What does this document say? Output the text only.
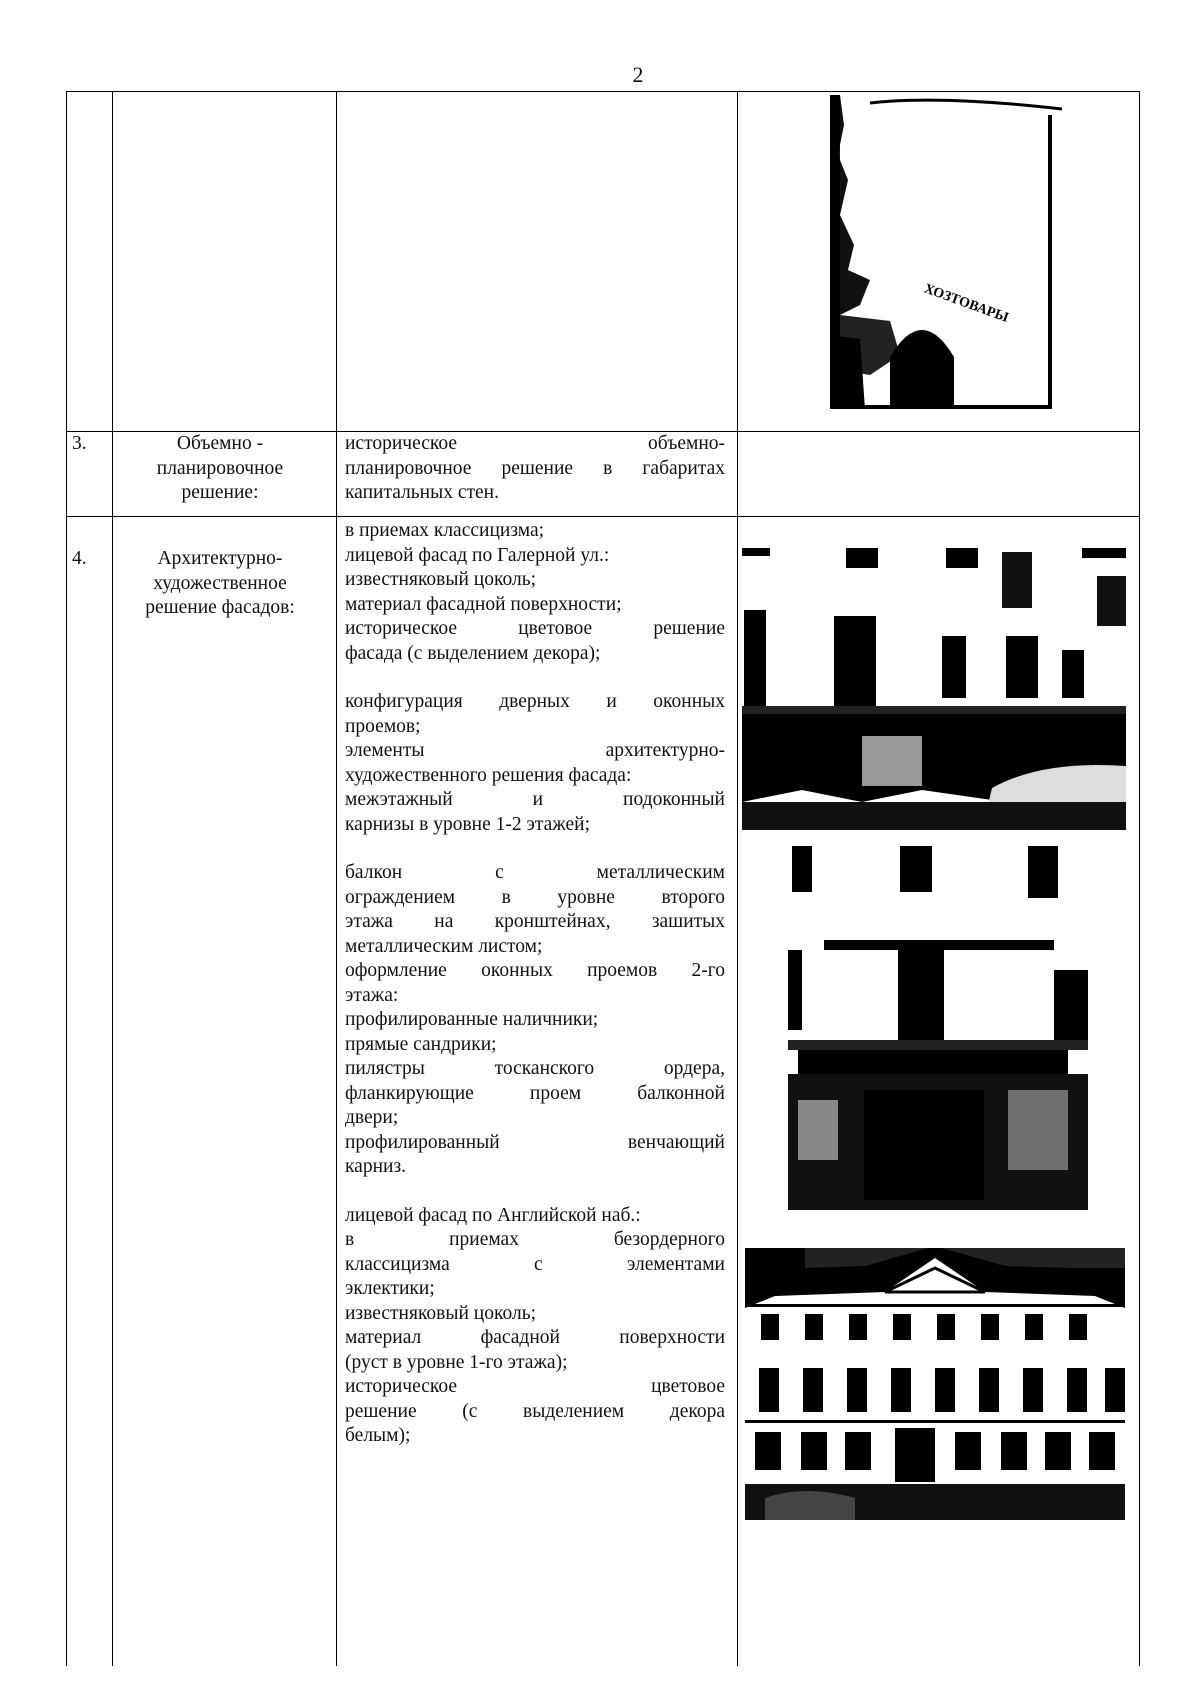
2
ХОЗТОВАРЫ
3.	Объемно - планировочное решение:

историческое объемно-

планировочное решение в габаритах

капитальных стен.

4.	Архитектурно-художественное решение фасадов:

в приемах классицизма;

лицевой фасад по Галерной ул.:

известняковый цоколь;

материал фасадной поверхности;

историческое цветовое решение

фасада (с выделением декора);

конфигурация дверных и оконных

проемов;

элементы архитектурно-

художественного решения фасада:

межэтажный и подоконный

карнизы в уровне 1-2 этажей;

балкон с металлическим

ограждением в уровне второго

этажа на кронштейнах, зашитых

металлическим листом;

оформление оконных проемов 2-го

этажа:

профилированные наличники;

прямые сандрики;

пилястры тосканского ордера,

фланкирующие проем балконной

двери;

профилированный венчающий

карниз.

лицевой фасад по Английской наб.:

в приемах безордерного

классицизма с элементами

эклектики;

известняковый цоколь;

материал фасадной поверхности

(руст в уровне 1-го этажа);

историческое цветовое

решение (с выделением декора

белым);
